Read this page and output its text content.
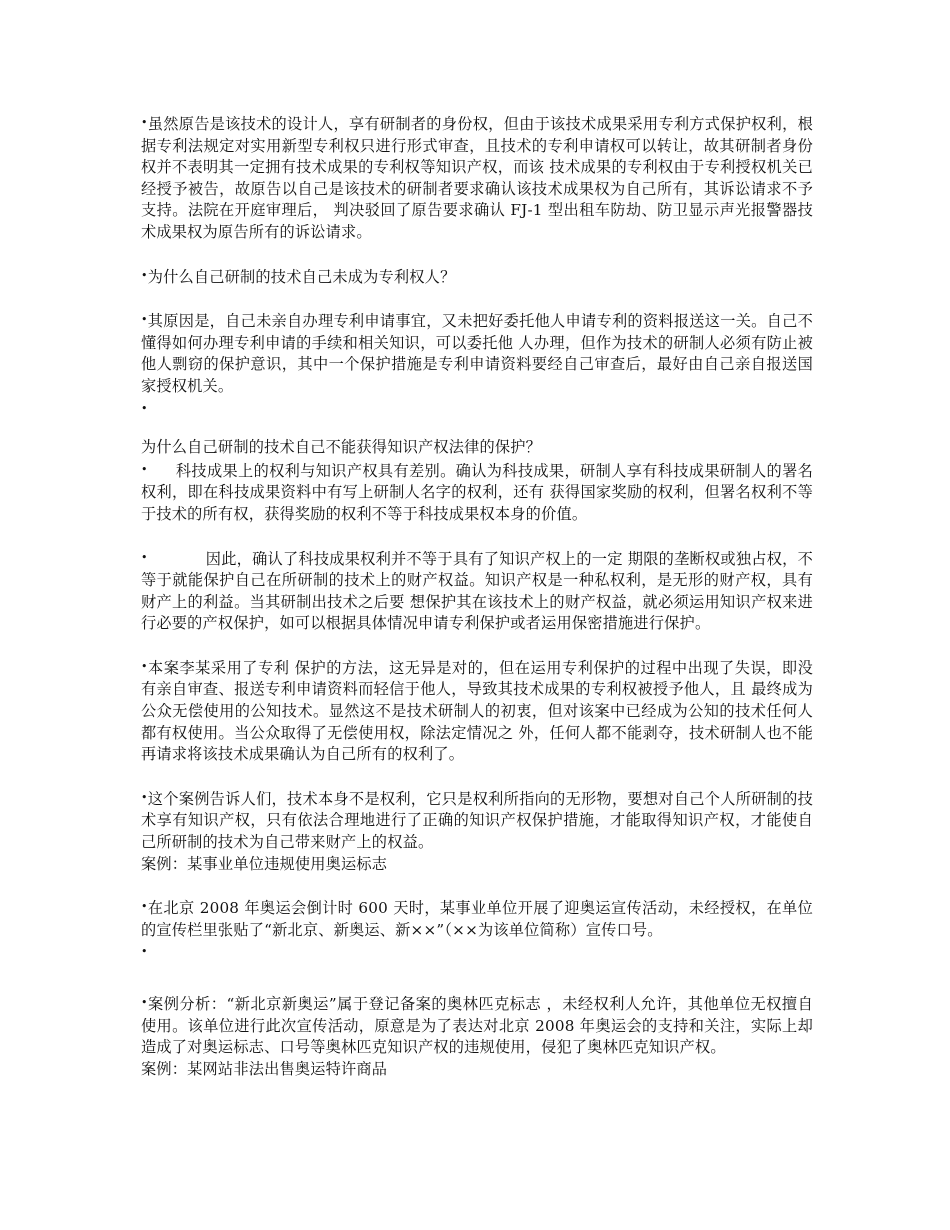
•虽然原告是该技术的设计人，享有研制者的身份权，但由于该技术成果采用专利方式保护权利，根据专利法规定对实用新型专利权只进行形式审查，且技术的专利申请权可以转让，故其研制者身份权并不表明其一定拥有技术成果的专利权等知识产权，而该 技术成果的专利权由于专利授权机关已经授予被告，故原告以自己是该技术的研制者要求确认该技术成果权为自己所有，其诉讼请求不予支持。法院在开庭审理后， 判决驳回了原告要求确认 FJ-1 型出租车防劫、防卫显示声光报警器技术成果权为原告所有的诉讼请求。

•为什么自己研制的技术自己未成为专利权人？

•其原因是，自己未亲自办理专利申请事宜，又未把好委托他人申请专利的资料报送这一关。自己不懂得如何办理专利申请的手续和相关知识，可以委托他 人办理，但作为技术的研制人必须有防止被他人剽窃的保护意识，其中一个保护措施是专利申请资料要经自己审查后，最好由自己亲自报送国家授权机关。

•

为什么自己研制的技术自己不能获得知识产权法律的保护？

• 科技成果上的权利与知识产权具有差别。确认为科技成果，研制人享有科技成果研制人的署名权利，即在科技成果资料中有写上研制人名字的权利，还有 获得国家奖励的权利，但署名权利不等于技术的所有权，获得奖励的权利不等于科技成果权本身的价值。

•	因此，确认了科技成果权利并不等于具有了知识产权上的一定 期限的垄断权或独占权，不等于就能保护自己在所研制的技术上的财产权益。知识产权是一种私权利，是无形的财产权，具有财产上的利益。当其研制出技术之后要 想保护其在该技术上的财产权益，就必须运用知识产权来进行必要的产权保护，如可以根据具体情况申请专利保护或者运用保密措施进行保护。

•本案李某采用了专利 保护的方法，这无异是对的，但在运用专利保护的过程中出现了失误，即没有亲自审查、报送专利申请资料而轻信于他人，导致其技术成果的专利权被授予他人，且 最终成为公众无偿使用的公知技术。显然这不是技术研制人的初衷，但对该案中已经成为公知的技术任何人都有权使用。当公众取得了无偿使用权，除法定情况之 外，任何人都不能剥夺，技术研制人也不能再请求将该技术成果确认为自己所有的权利了。

•这个案例告诉人们，技术本身不是权利，它只是权利所指向的无形物，要想对自己个人所研制的技术享有知识产权，只有依法合理地进行了正确的知识产权保护措施，才能取得知识产权，才能使自己所研制的技术为自己带来财产上的权益。

案例：某事业单位违规使用奥运标志

•在北京 2008 年奥运会倒计时 600 天时，某事业单位开展了迎奥运宣传活动，未经授权，在单位的宣传栏里张贴了“新北京、新奥运、新××”（××为该单位简称）宣传口号。

•

•案例分析：“新北京新奥运”属于登记备案的奥林匹克标志 ，未经权利人允许，其他单位无权擅自使用。该单位进行此次宣传活动，原意是为了表达对北京 2008 年奥运会的支持和关注，实际上却造成了对奥运标志、口号等奥林匹克知识产权的违规使用，侵犯了奥林匹克知识产权。

案例：某网站非法出售奥运特许商品
